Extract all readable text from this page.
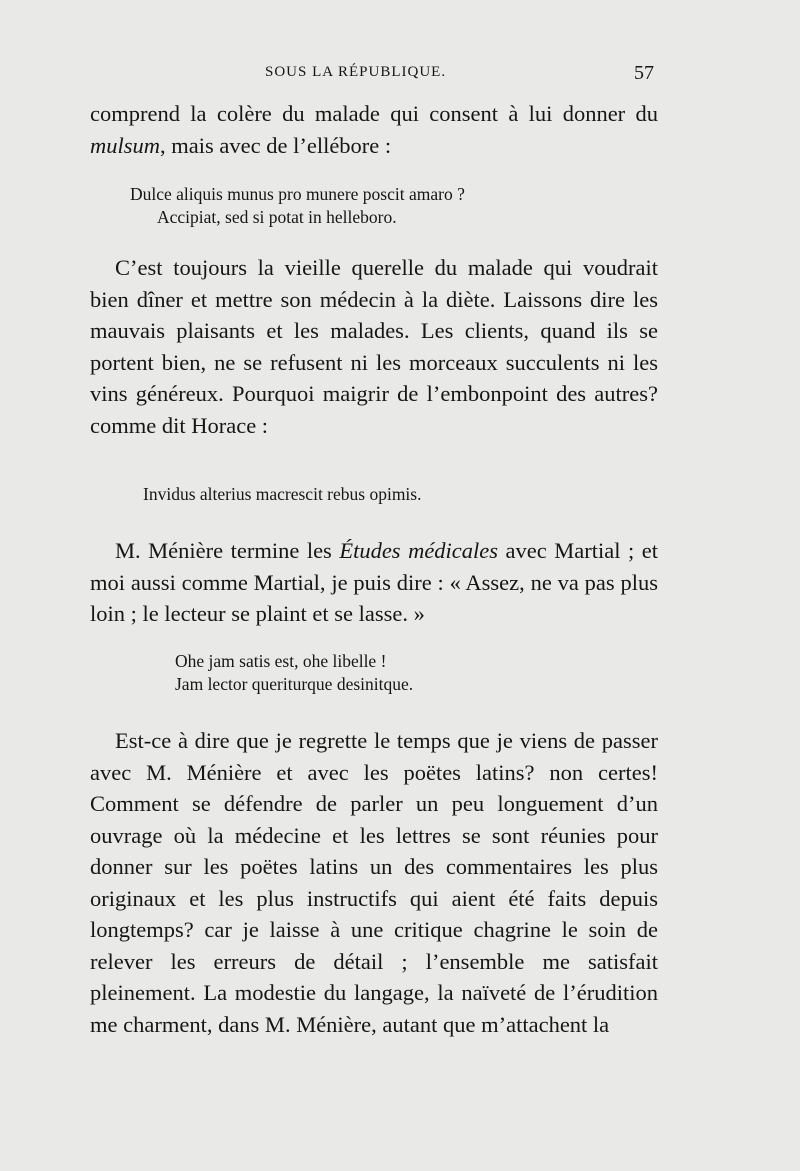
SOUS LA RÉPUBLIQUE.	57

comprend la colère du malade qui consent à lui donner du mulsum, mais avec de l’ellébore :

Dulce aliquis munus pro munere poscit amaro ?
Accipiat, sed si potat in helleboro.

C’est toujours la vieille querelle du malade qui voudrait bien dîner et mettre son médecin à la diète. Laissons dire les mauvais plaisants et les malades. Les clients, quand ils se portent bien, ne se refusent ni les morceaux succulents ni les vins généreux. Pourquoi maigrir de l’embonpoint des autres? comme dit Horace :

Invidus alterius macrescit rebus opimis.

M. Ménière termine les Études médicales avec Martial ; et moi aussi comme Martial, je puis dire : « Assez, ne va pas plus loin ; le lecteur se plaint et se lasse. »

Ohe jam satis est, ohe libelle !
Jam lector queriturque desinitque.

Est-ce à dire que je regrette le temps que je viens de passer avec M. Ménière et avec les poëtes latins? non certes! Comment se défendre de parler un peu longuement d’un ouvrage où la médecine et les lettres se sont réunies pour donner sur les poëtes latins un des commentaires les plus originaux et les plus instructifs qui aient été faits depuis longtemps? car je laisse à une critique chagrine le soin de relever les erreurs de détail ; l’ensemble me satisfait pleinement. La modestie du langage, la naïveté de l’érudition me charment, dans M. Ménière, autant que m’attachent la
